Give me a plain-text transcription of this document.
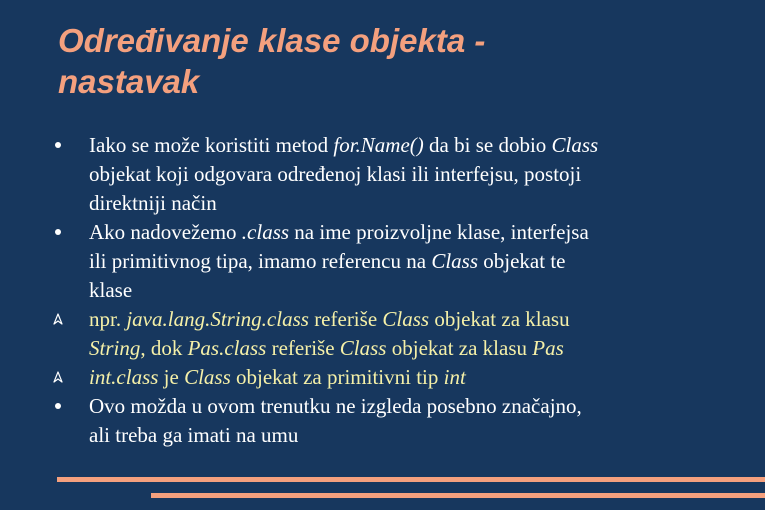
Određivanje klase objekta -
nastavak
Iako se može koristiti metod for.Name() da bi se dobio Class
objekat koji odgovara određenoj klasi ili interfejsu, postoji
direktniji način
Ako nadovežemo .class na ime proizvoljne klase, interfejsa
ili primitivnog tipa, imamo referencu na Class objekat te
klase
npr. java.lang.String.class referiše Class objekat za klasu
String, dok Pas.class referiše Class objekat za klasu Pas
int.class je Class objekat za primitivni tip int
Ovo možda u ovom trenutku ne izgleda posebno značajno,
ali treba ga imati na umu
